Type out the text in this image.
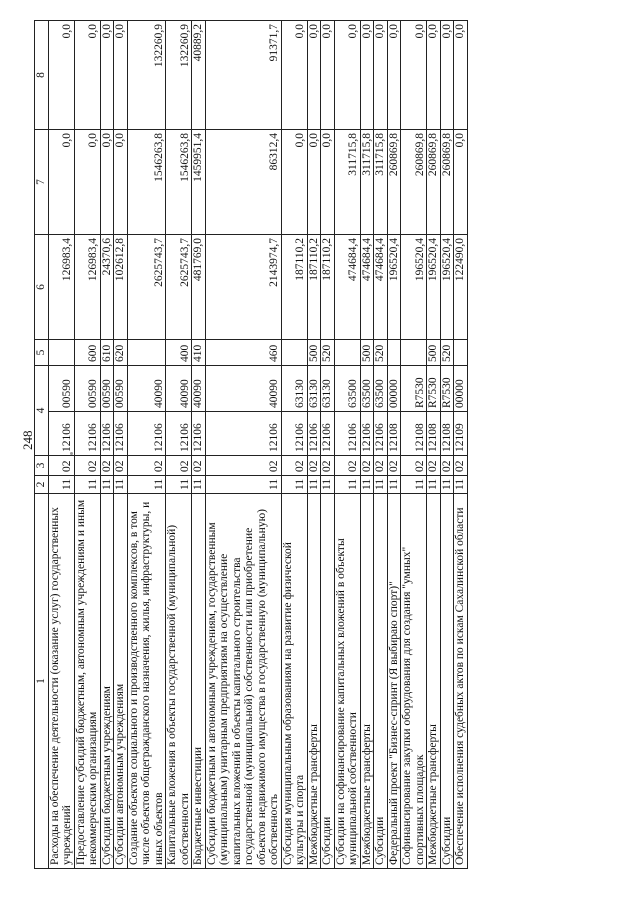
248
1	2	3	4		5	6	7	8
Расходы на обеспечение деятельности (оказание услуг) государственных учреждений	11	02	12106	00590		126983,4	0,0	0,0
Предоставление субсидий бюджетным, автономным учреждениям и иным некоммерческим организациям	11	02	12106	00590	600	126983,4	0,0	0,0
Субсидии бюджетным учреждениям	11	02	12106	00590	610	24370,6	0,0	0,0
Субсидии автономным учреждениям	11	02	12106	00590	620	102612,8	0,0	0,0
Создание объектов социального и производственного комплексов, в том числе объектов общегражданского назначения, жилья, инфраструктуры, и иных объектов	11	02	12106	40090		2625743,7	1546263,8	132260,9
Капитальные вложения в объекты государственной (муниципальной) собственности	11	02	12106	40090	400	2625743,7	1546263,8	132260,9
Бюджетные инвестиции	11	02	12106	40090	410	481769,0	1459951,4	40889,2
Субсидии бюджетным и автономным учреждениям, государственным (муниципальным) унитарным предприятиям на осуществление капитальных вложений в объекты капитального строительства государственной (муниципальной) собственности или приобретение объектов недвижимого имущества в государственную (муниципальную) собственность	11	02	12106	40090	460	2143974,7	86312,4	91371,7
Субсидия муниципальным образованиям на развитие физической культуры и спорта	11	02	12106	63130		187110,2	0,0	0,0
Межбюджетные трансферты	11	02	12106	63130	500	187110,2	0,0	0,0
Субсидии	11	02	12106	63130	520	187110,2	0,0	0,0
Субсидии на софинансирование капитальных вложений в объекты муниципальной собственности	11	02	12106	63500		474684,4	311715,8	0,0
Межбюджетные трансферты	11	02	12106	63500	500	474684,4	311715,8	0,0
Субсидии	11	02	12106	63500	520	474684,4	311715,8	0,0
Федеральный проект "Бизнес-спринт (Я выбираю спорт)"	11	02	12108	00000		196520,4	260869,8	0,0
Софинансирование закупки оборудования для создания "умных" спортивных площадок	11	02	12108	R7530		196520,4	260869,8	0,0
Межбюджетные трансферты	11	02	12108	R7530	500	196520,4	260869,8	0,0
Субсидии	11	02	12108	R7530	520	196520,4	260869,8	0,0
Обеспечение исполнения судебных актов по искам Сахалинской области	11	02	12109	00000		122490,0	0,0	0,0
